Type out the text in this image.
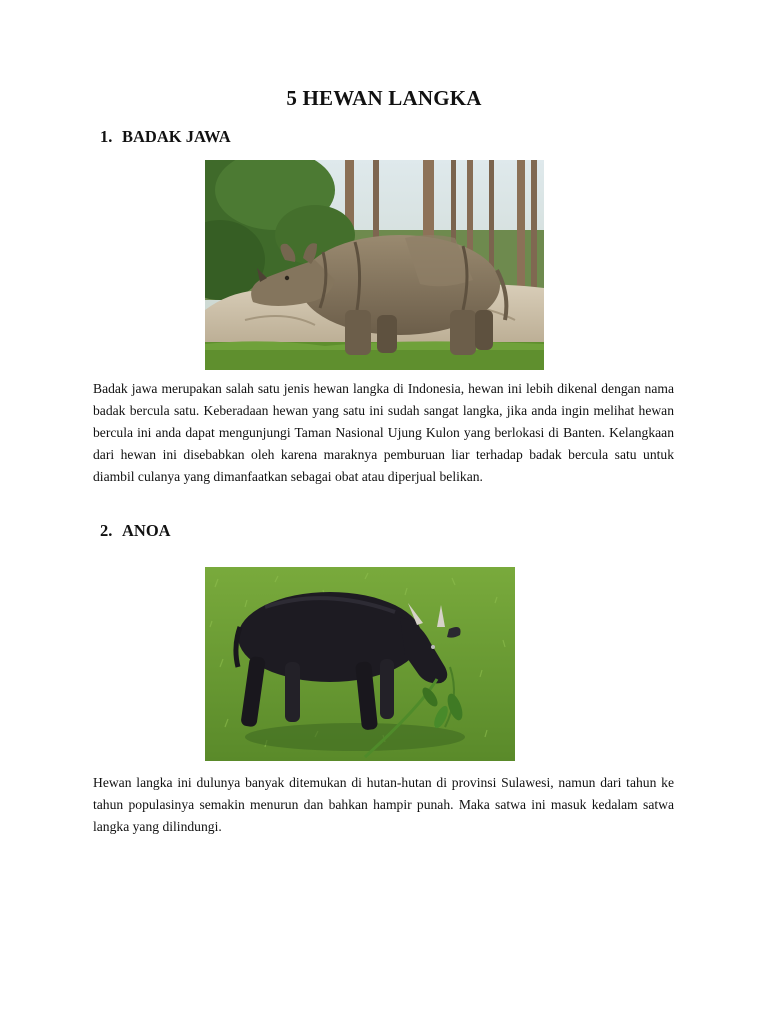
5 HEWAN LANGKA
1. BADAK JAWA

Badak jawa merupakan salah satu jenis hewan langka di Indonesia, hewan ini lebih dikenal dengan nama badak bercula satu. Keberadaan hewan yang satu ini sudah sangat langka, jika anda ingin melihat hewan bercula ini anda dapat mengunjungi Taman Nasional Ujung Kulon yang berlokasi di Banten. Kelangkaan dari hewan ini disebabkan oleh karena maraknya pemburuan liar terhadap badak bercula satu untuk diambil culanya yang dimanfaatkan sebagai obat atau diperjual belikan.

2. ANOA

Hewan langka ini dulunya banyak ditemukan di hutan-hutan di provinsi Sulawesi, namun dari tahun ke tahun populasinya semakin menurun dan bahkan hampir punah. Maka satwa ini masuk kedalam satwa langka yang dilindungi.
